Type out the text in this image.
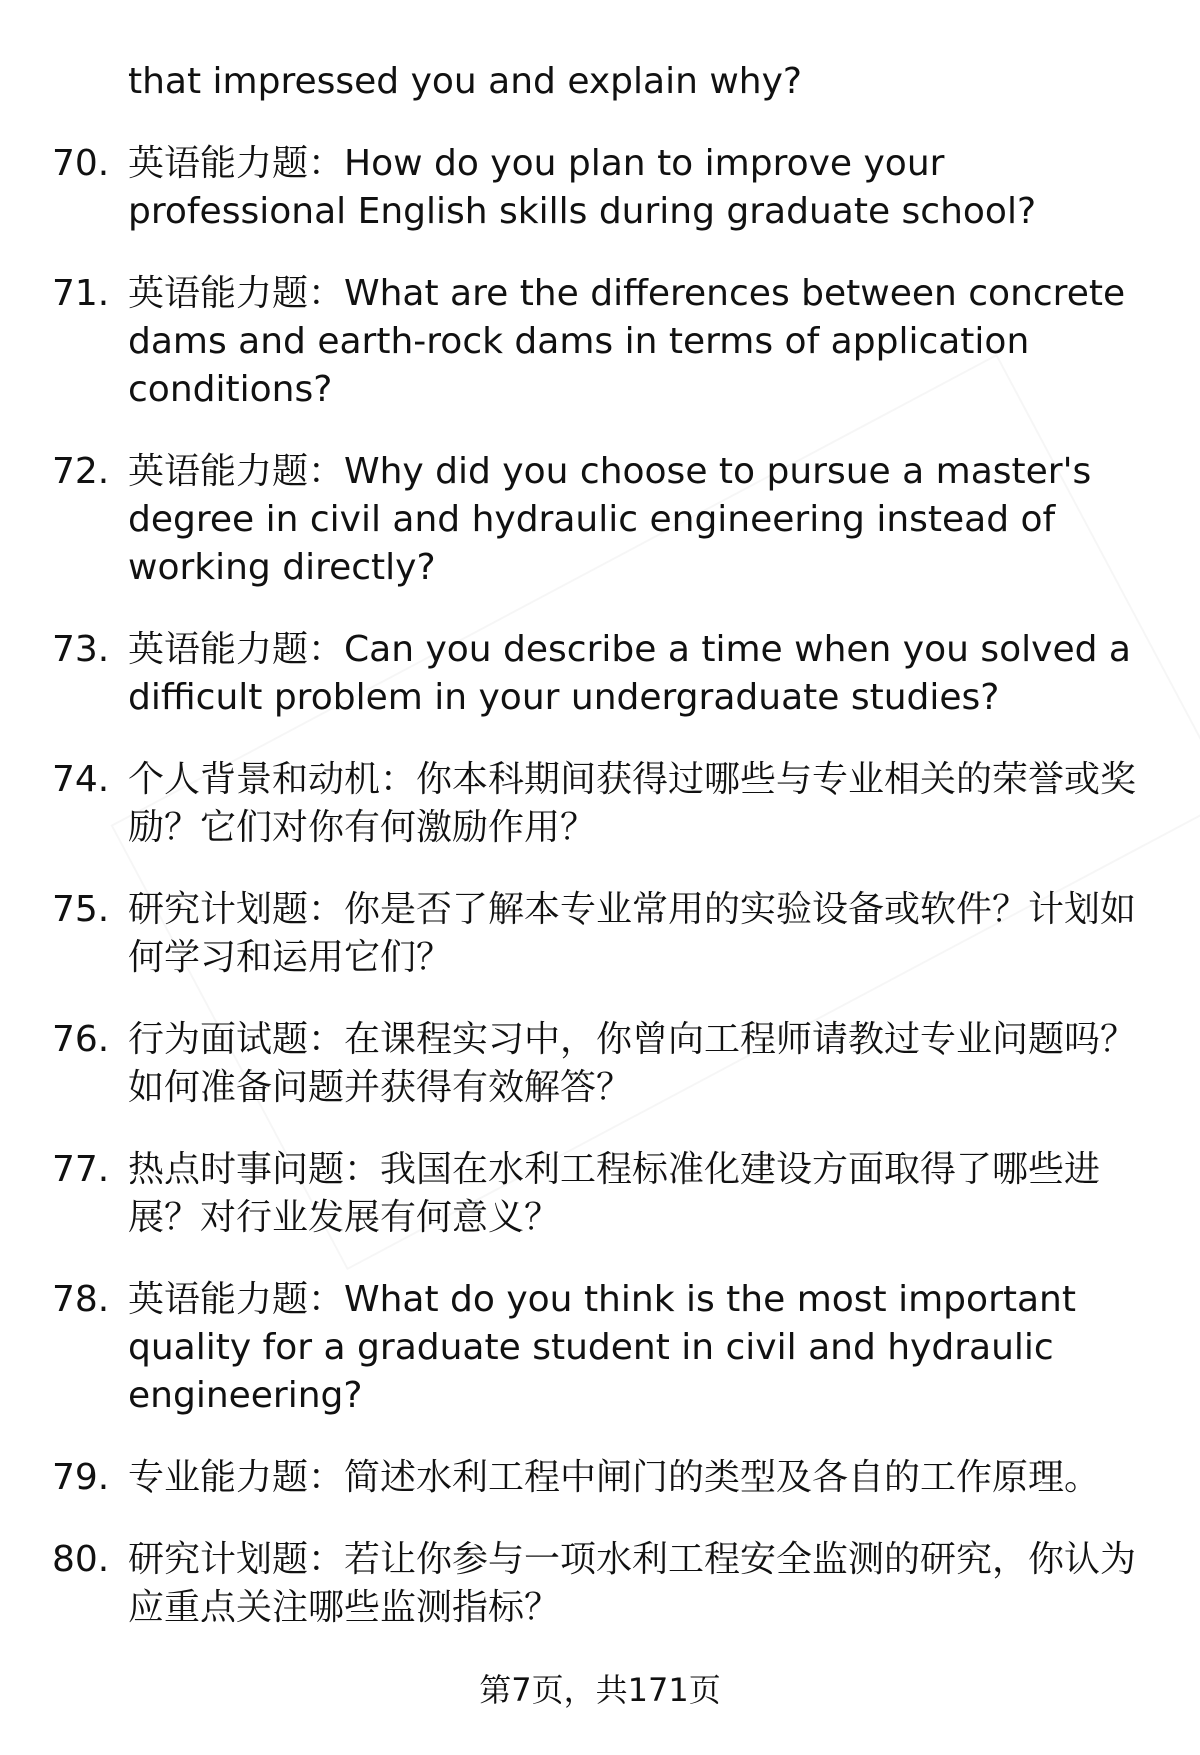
that impressed you and explain why?

70. 英语能力题：How do you plan to improve your professional English skills during graduate school?
71. 英语能力题：What are the differences between concrete dams and earth-rock dams in terms of application conditions?
72. 英语能力题：Why did you choose to pursue a master's degree in civil and hydraulic engineering instead of working directly?
73. 英语能力题：Can you describe a time when you solved a difficult problem in your undergraduate studies?
74. 个人背景和动机：你本科期间获得过哪些与专业相关的荣誉或奖励？它们对你有何激励作用？
75. 研究计划题：你是否了解本专业常用的实验设备或软件？计划如何学习和运用它们？
76. 行为面试题：在课程实习中，你曾向工程师请教过专业问题吗？如何准备问题并获得有效解答？
77. 热点时事问题：我国在水利工程标准化建设方面取得了哪些进展？对行业发展有何意义？
78. 英语能力题：What do you think is the most important quality for a graduate student in civil and hydraulic engineering?
79. 专业能力题：简述水利工程中闸门的类型及各自的工作原理。
80. 研究计划题：若让你参与一项水利工程安全监测的研究，你认为应重点关注哪些监测指标？
第7页，共171页
